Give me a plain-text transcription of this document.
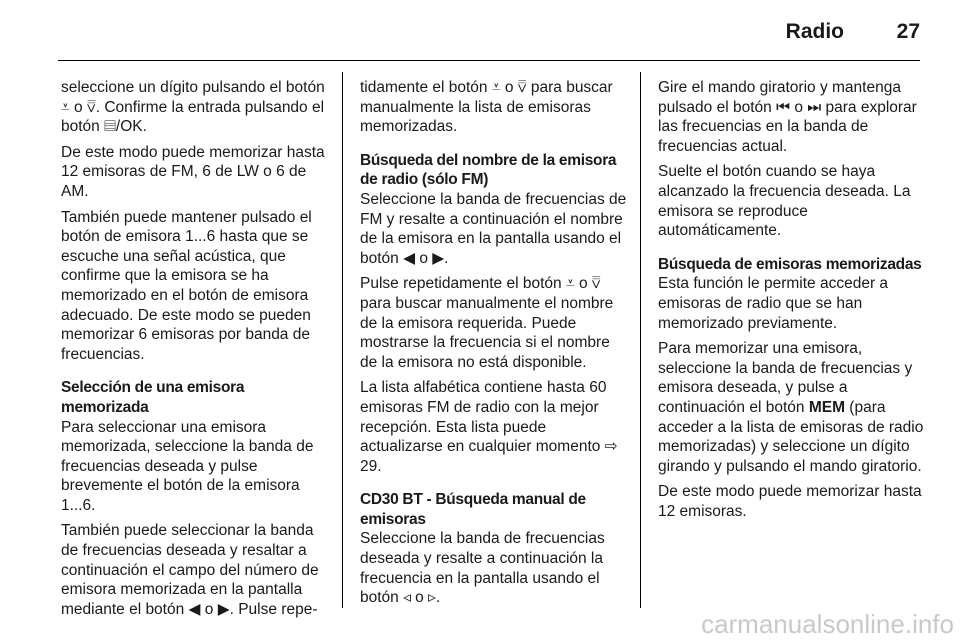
Radio	27

seleccione un dígito pulsando el botón ⩡ o ⩢. Confirme la entrada pulsando el botón ▤/OK.

De este modo puede memorizar hasta 12 emisoras de FM, 6 de LW o 6 de AM.

También puede mantener pulsado el botón de emisora 1...6 hasta que se escuche una señal acústica, que confirme que la emisora se ha memorizado en el botón de emisora adecuado. De este modo se pueden memorizar 6 emisoras por banda de frecuencias.

Selección de una emisora memorizada

Para seleccionar una emisora memorizada, seleccione la banda de frecuencias deseada y pulse brevemente el botón de la emisora 1...6.

También puede seleccionar la banda de frecuencias deseada y resaltar a continuación el campo del número de emisora memorizada en la pantalla mediante el botón ◀ o ▶. Pulse repe-

tidamente el botón ⩡ o ⩢ para buscar manualmente la lista de emisoras memorizadas.

Búsqueda del nombre de la emisora de radio (sólo FM)

Seleccione la banda de frecuencias de FM y resalte a continuación el nombre de la emisora en la pantalla usando el botón ◀ o ▶.

Pulse repetidamente el botón ⩡ o ⩢ para buscar manualmente el nombre de la emisora requerida. Puede mostrarse la frecuencia si el nombre de la emisora no está disponible.

La lista alfabética contiene hasta 60 emisoras FM de radio con la mejor recepción. Esta lista puede actualizarse en cualquier momento ⇨ 29.

CD30 BT - Búsqueda manual de emisoras

Seleccione la banda de frecuencias deseada y resalte a continuación la frecuencia en la pantalla usando el botón ◃ o ▹.

Gire el mando giratorio y mantenga pulsado el botón ⏮ o ⏭ para explorar las frecuencias en la banda de frecuencias actual.

Suelte el botón cuando se haya alcanzado la frecuencia deseada. La emisora se reproduce automáticamente.

Búsqueda de emisoras memorizadas

Esta función le permite acceder a emisoras de radio que se han memorizado previamente.

Para memorizar una emisora, seleccione la banda de frecuencias y emisora deseada, y pulse a continuación el botón MEM (para acceder a la lista de emisoras de radio memorizadas) y seleccione un dígito girando y pulsando el mando giratorio.

De este modo puede memorizar hasta 12 emisoras.

carmanualsonline.info
